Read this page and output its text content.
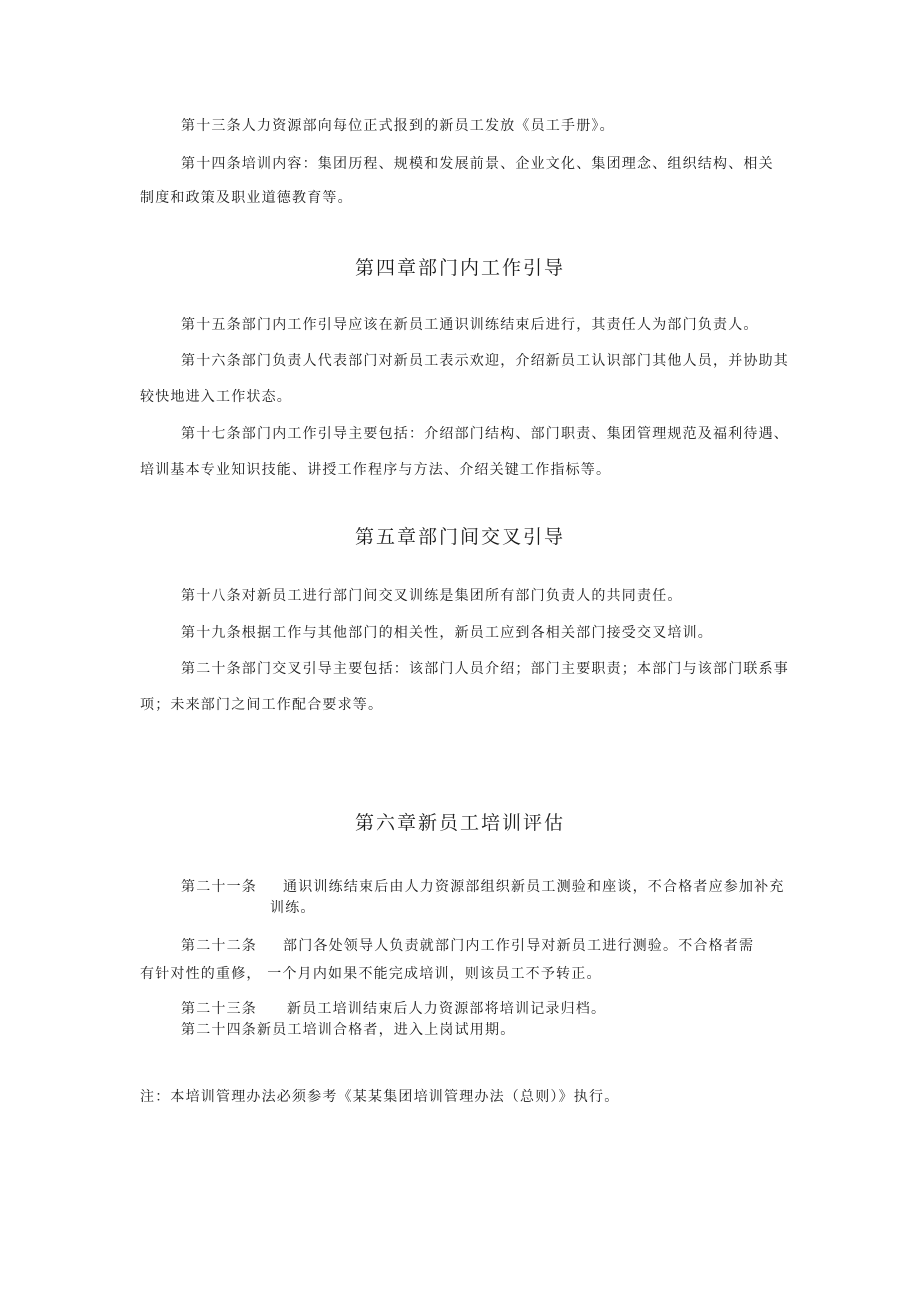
第十三条人力资源部向每位正式报到的新员工发放《员工手册》。
第十四条培训内容：集团历程、规模和发展前景、企业文化、集团理念、组织结构、相关
制度和政策及职业道德教育等。
第四章部门内工作引导
第十五条部门内工作引导应该在新员工通识训练结束后进行，其责任人为部门负责人。
第十六条部门负责人代表部门对新员工表示欢迎，介绍新员工认识部门其他人员，并协助其
较快地进入工作状态。
第十七条部门内工作引导主要包括：介绍部门结构、部门职责、集团管理规范及福利待遇、
培训基本专业知识技能、讲授工作程序与方法、介绍关键工作指标等。
第五章部门间交叉引导
第十八条对新员工进行部门间交叉训练是集团所有部门负责人的共同责任。
第十九条根据工作与其他部门的相关性，新员工应到各相关部门接受交叉培训。
第二十条部门交叉引导主要包括：该部门人员介绍；部门主要职责；本部门与该部门联系事
项；未来部门之间工作配合要求等。
第六章新员工培训评估
第二十一条 通识训练结束后由人力资源部组织新员工测验和座谈，不合格者应参加补充
训练。
第二十二条 部门各处领导人负责就部门内工作引导对新员工进行测验。不合格者需
有针对性的重修， 一个月内如果不能完成培训，则该员工不予转正。
第二十三条 新员工培训结束后人力资源部将培训记录归档。
第二十四条新员工培训合格者，进入上岗试用期。
注：本培训管理办法必须参考《某某集团培训管理办法（总则）》执行。
